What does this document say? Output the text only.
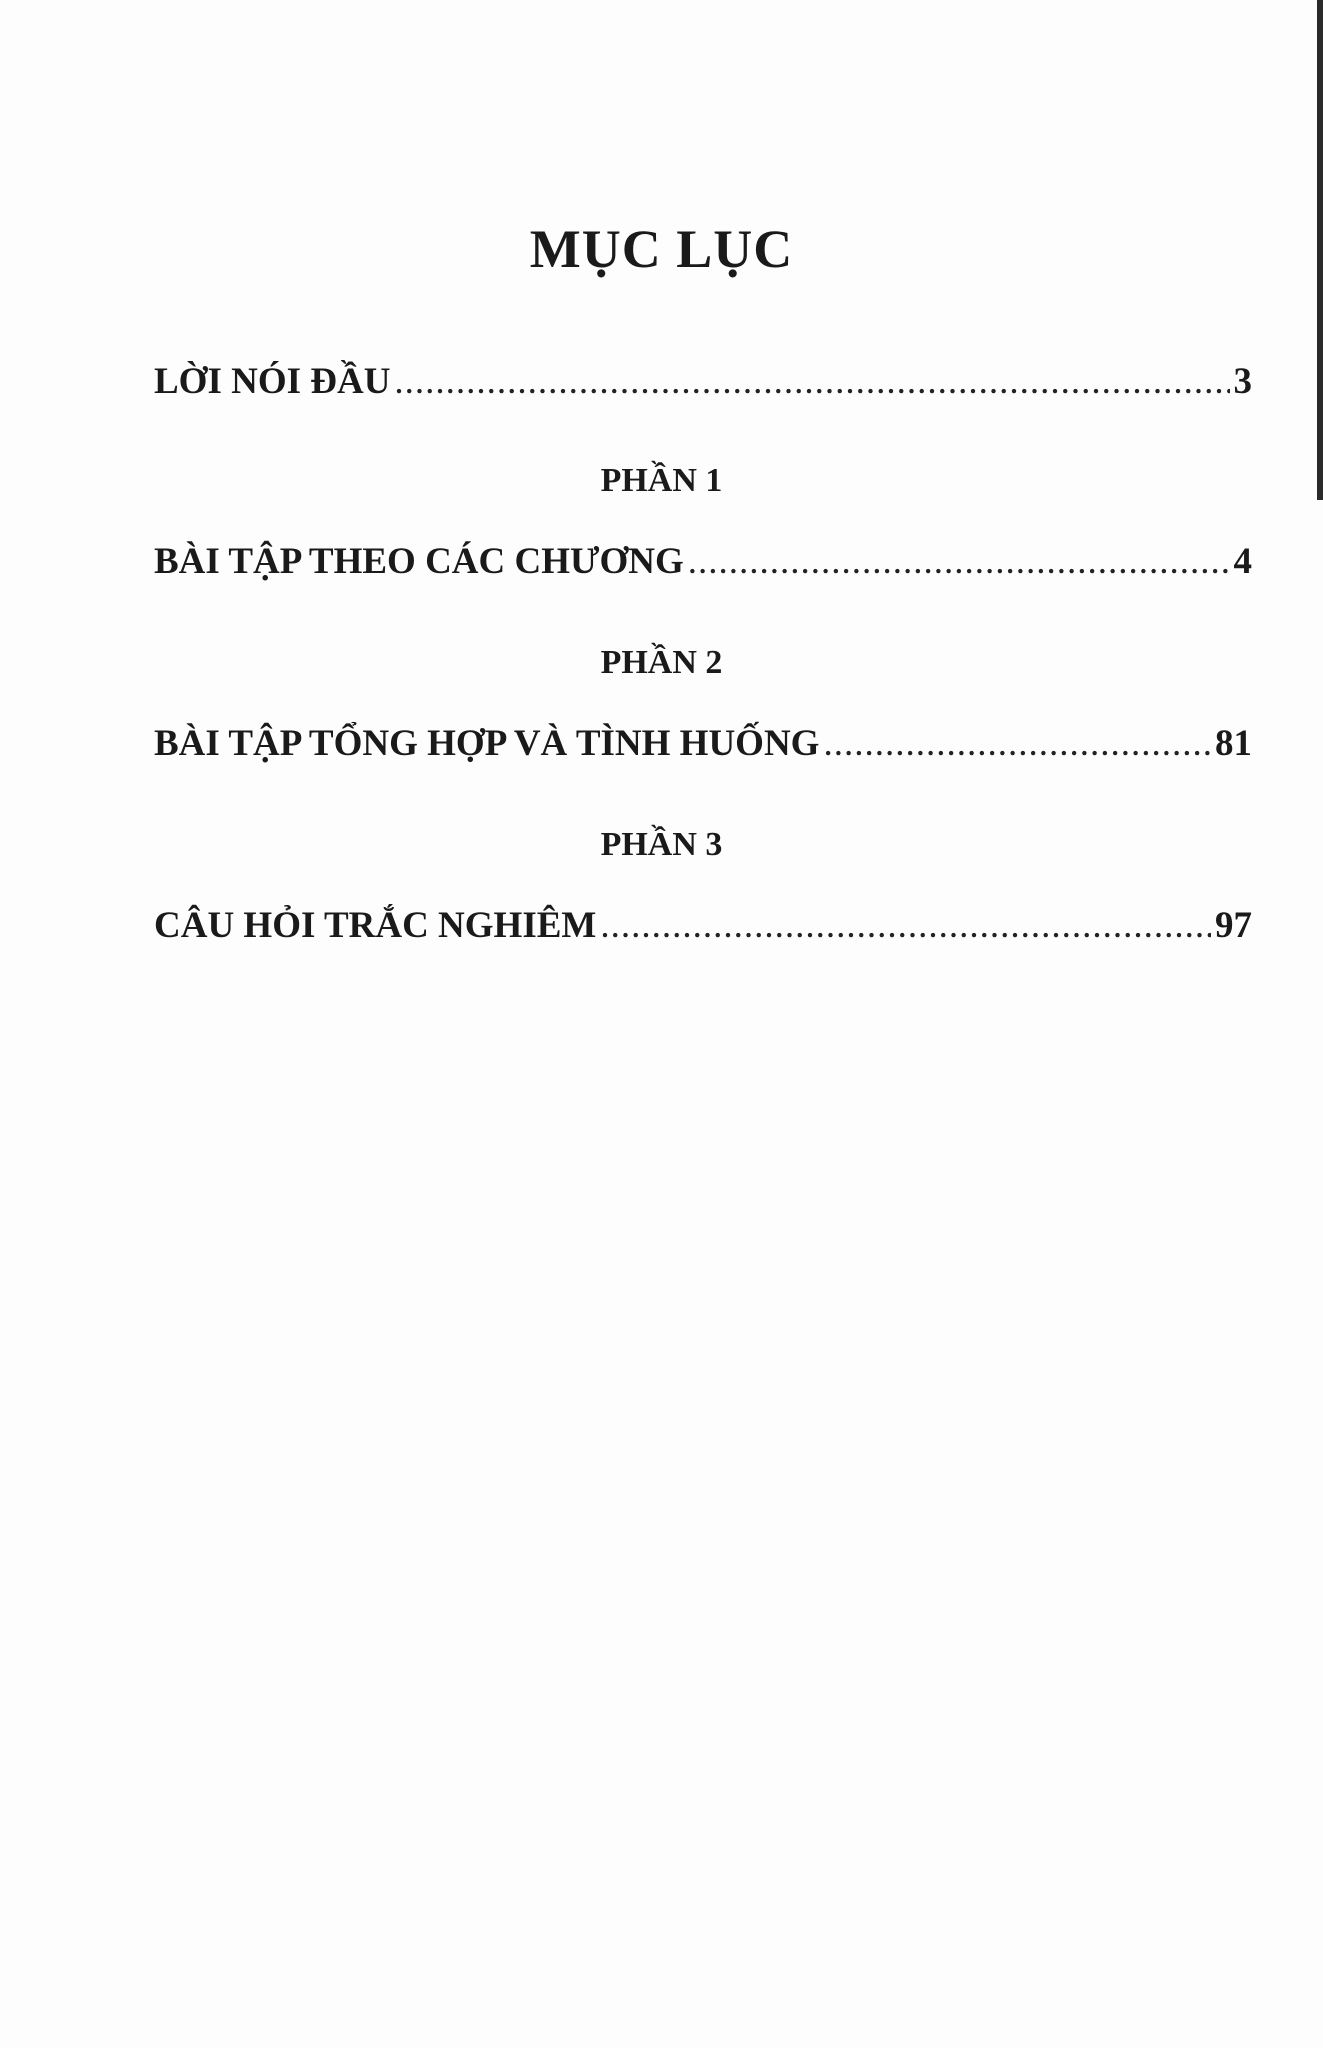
MỤC LỤC
LỜI NÓI ĐẦU .....	3
PHẦN 1
BÀI TẬP THEO CÁC CHƯƠNG .....	4
PHẦN 2
BÀI TẬP TỔNG HỢP VÀ TÌNH HUỐNG .....	81
PHẦN 3
CÂU HỎI TRẮC NGHIÊM .....	97
